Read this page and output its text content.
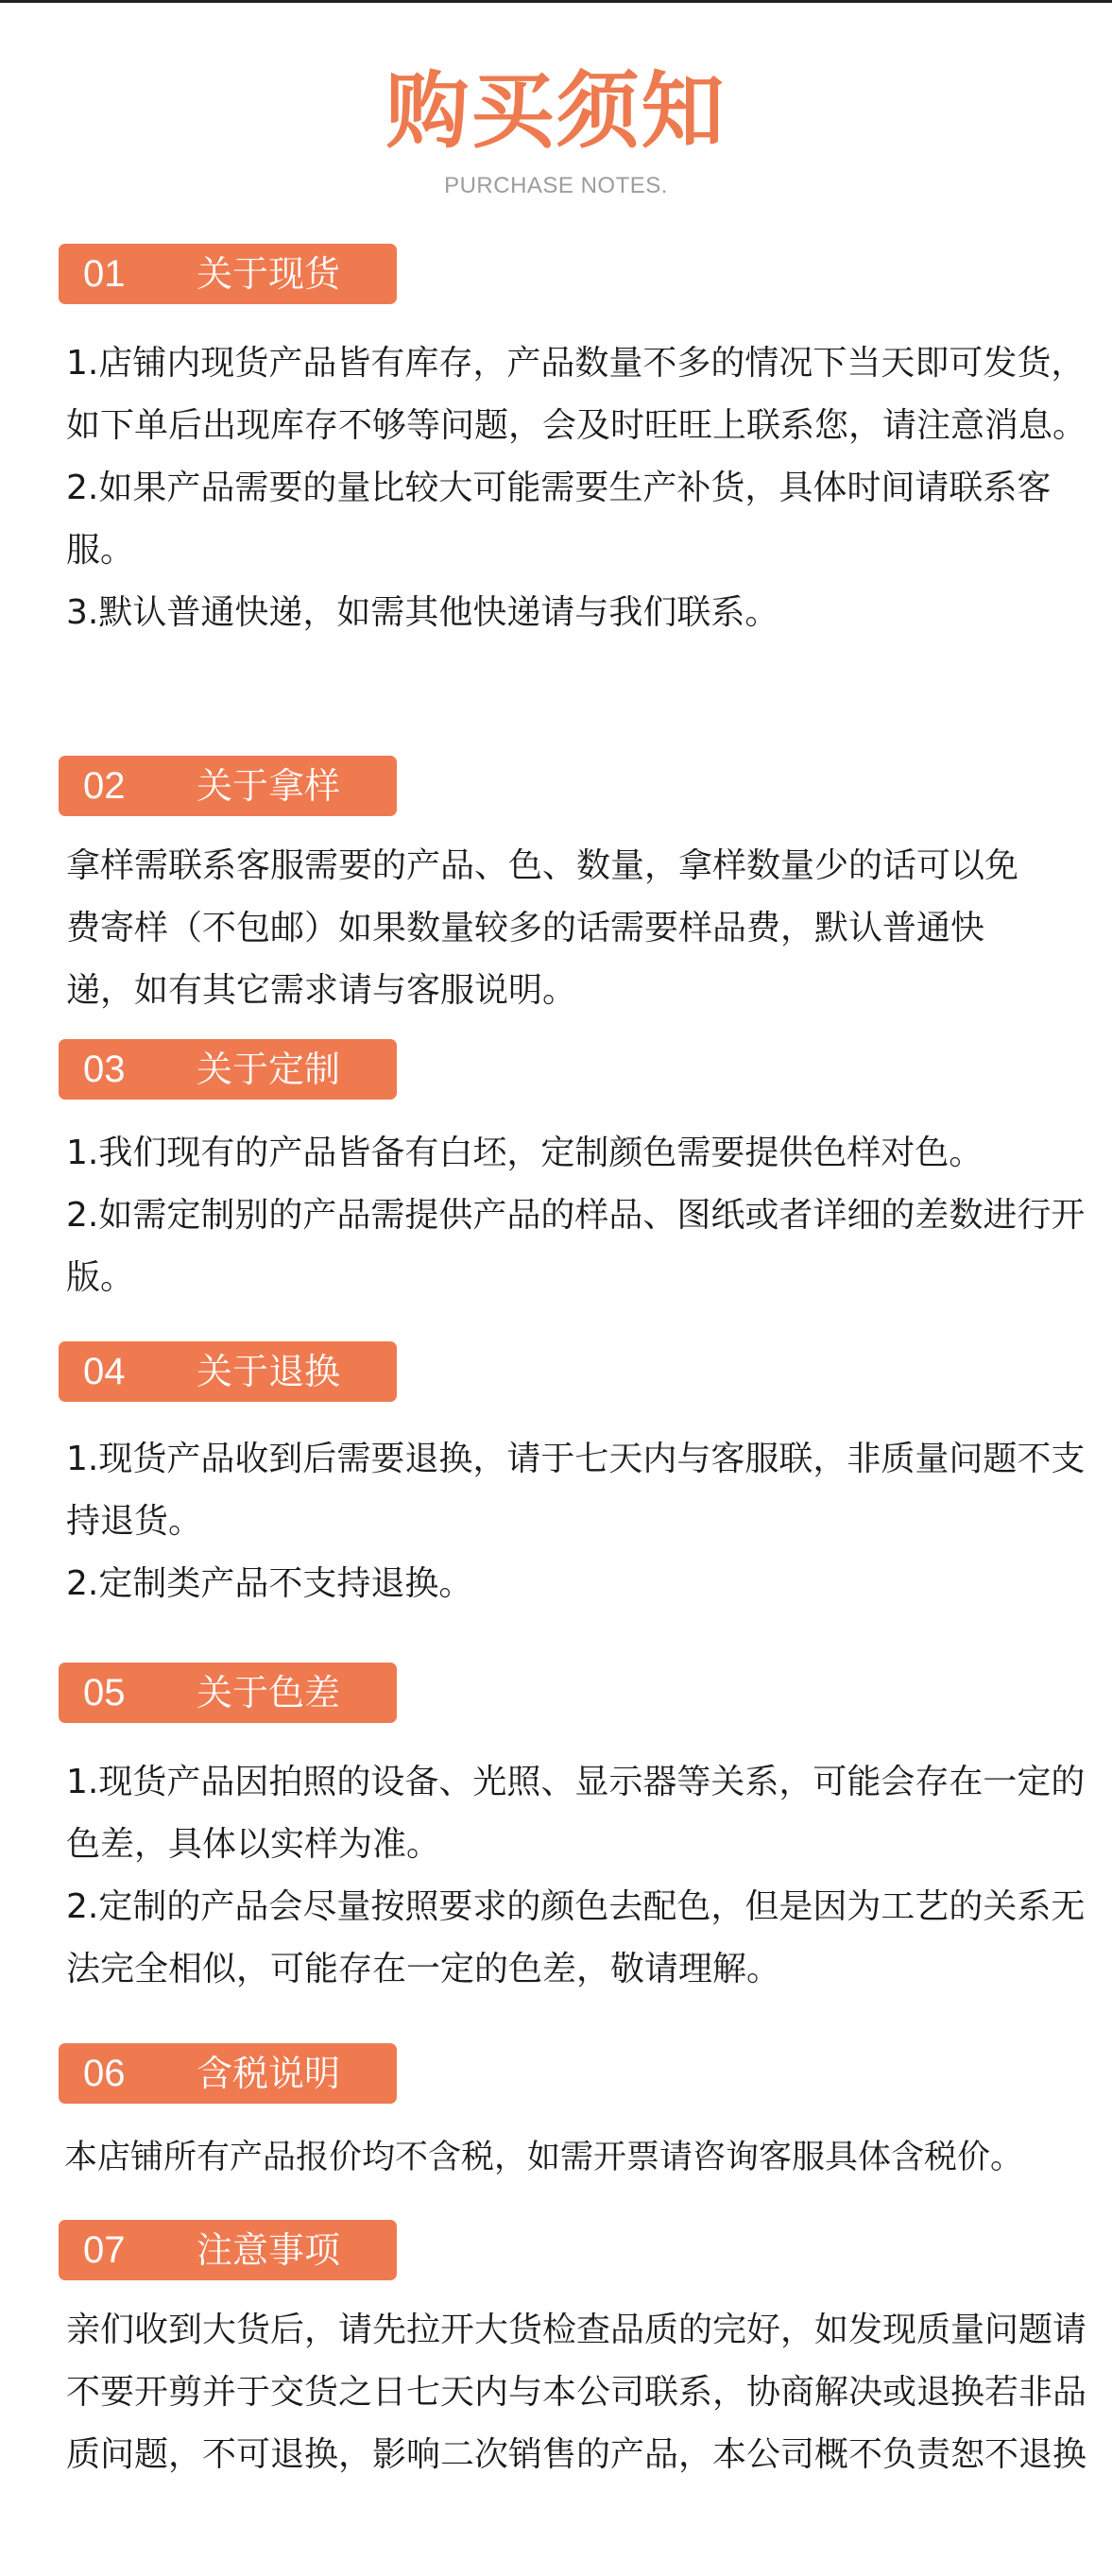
购买须知
PURCHASE NOTES.
01 关于现货

1.店铺内现货产品皆有库存，产品数量不多的情况下当天即可发货，如下单后出现库存不够等问题，会及时旺旺上联系您，请注意消息。

2.如果产品需要的量比较大可能需要生产补货，具体时间请联系客服。

3.默认普通快递，如需其他快递请与我们联系。

02 关于拿样

拿样需联系客服需要的产品、色、数量，拿样数量少的话可以免费寄样（不包邮）如果数量较多的话需要样品费，默认普通快递，如有其它需求请与客服说明。

03 关于定制

1.我们现有的产品皆备有白坯，定制颜色需要提供色样对色。

2.如需定制别的产品需提供产品的样品、图纸或者详细的差数进行开版。

04 关于退换

1.现货产品收到后需要退换，请于七天内与客服联，非质量问题不支持退货。

2.定制类产品不支持退换。

05 关于色差

1.现货产品因拍照的设备、光照、显示器等关系，可能会存在一定的色差，具体以实样为准。

2.定制的产品会尽量按照要求的颜色去配色，但是因为工艺的关系无法完全相似，可能存在一定的色差，敬请理解。

06 含税说明

本店铺所有产品报价均不含税，如需开票请咨询客服具体含税价。

07 注意事项

亲们收到大货后，请先拉开大货检查品质的完好，如发现质量问题请不要开剪并于交货之日七天内与本公司联系，协商解决或退换若非品质问题，不可退换，影响二次销售的产品，本公司概不负责恕不退换
